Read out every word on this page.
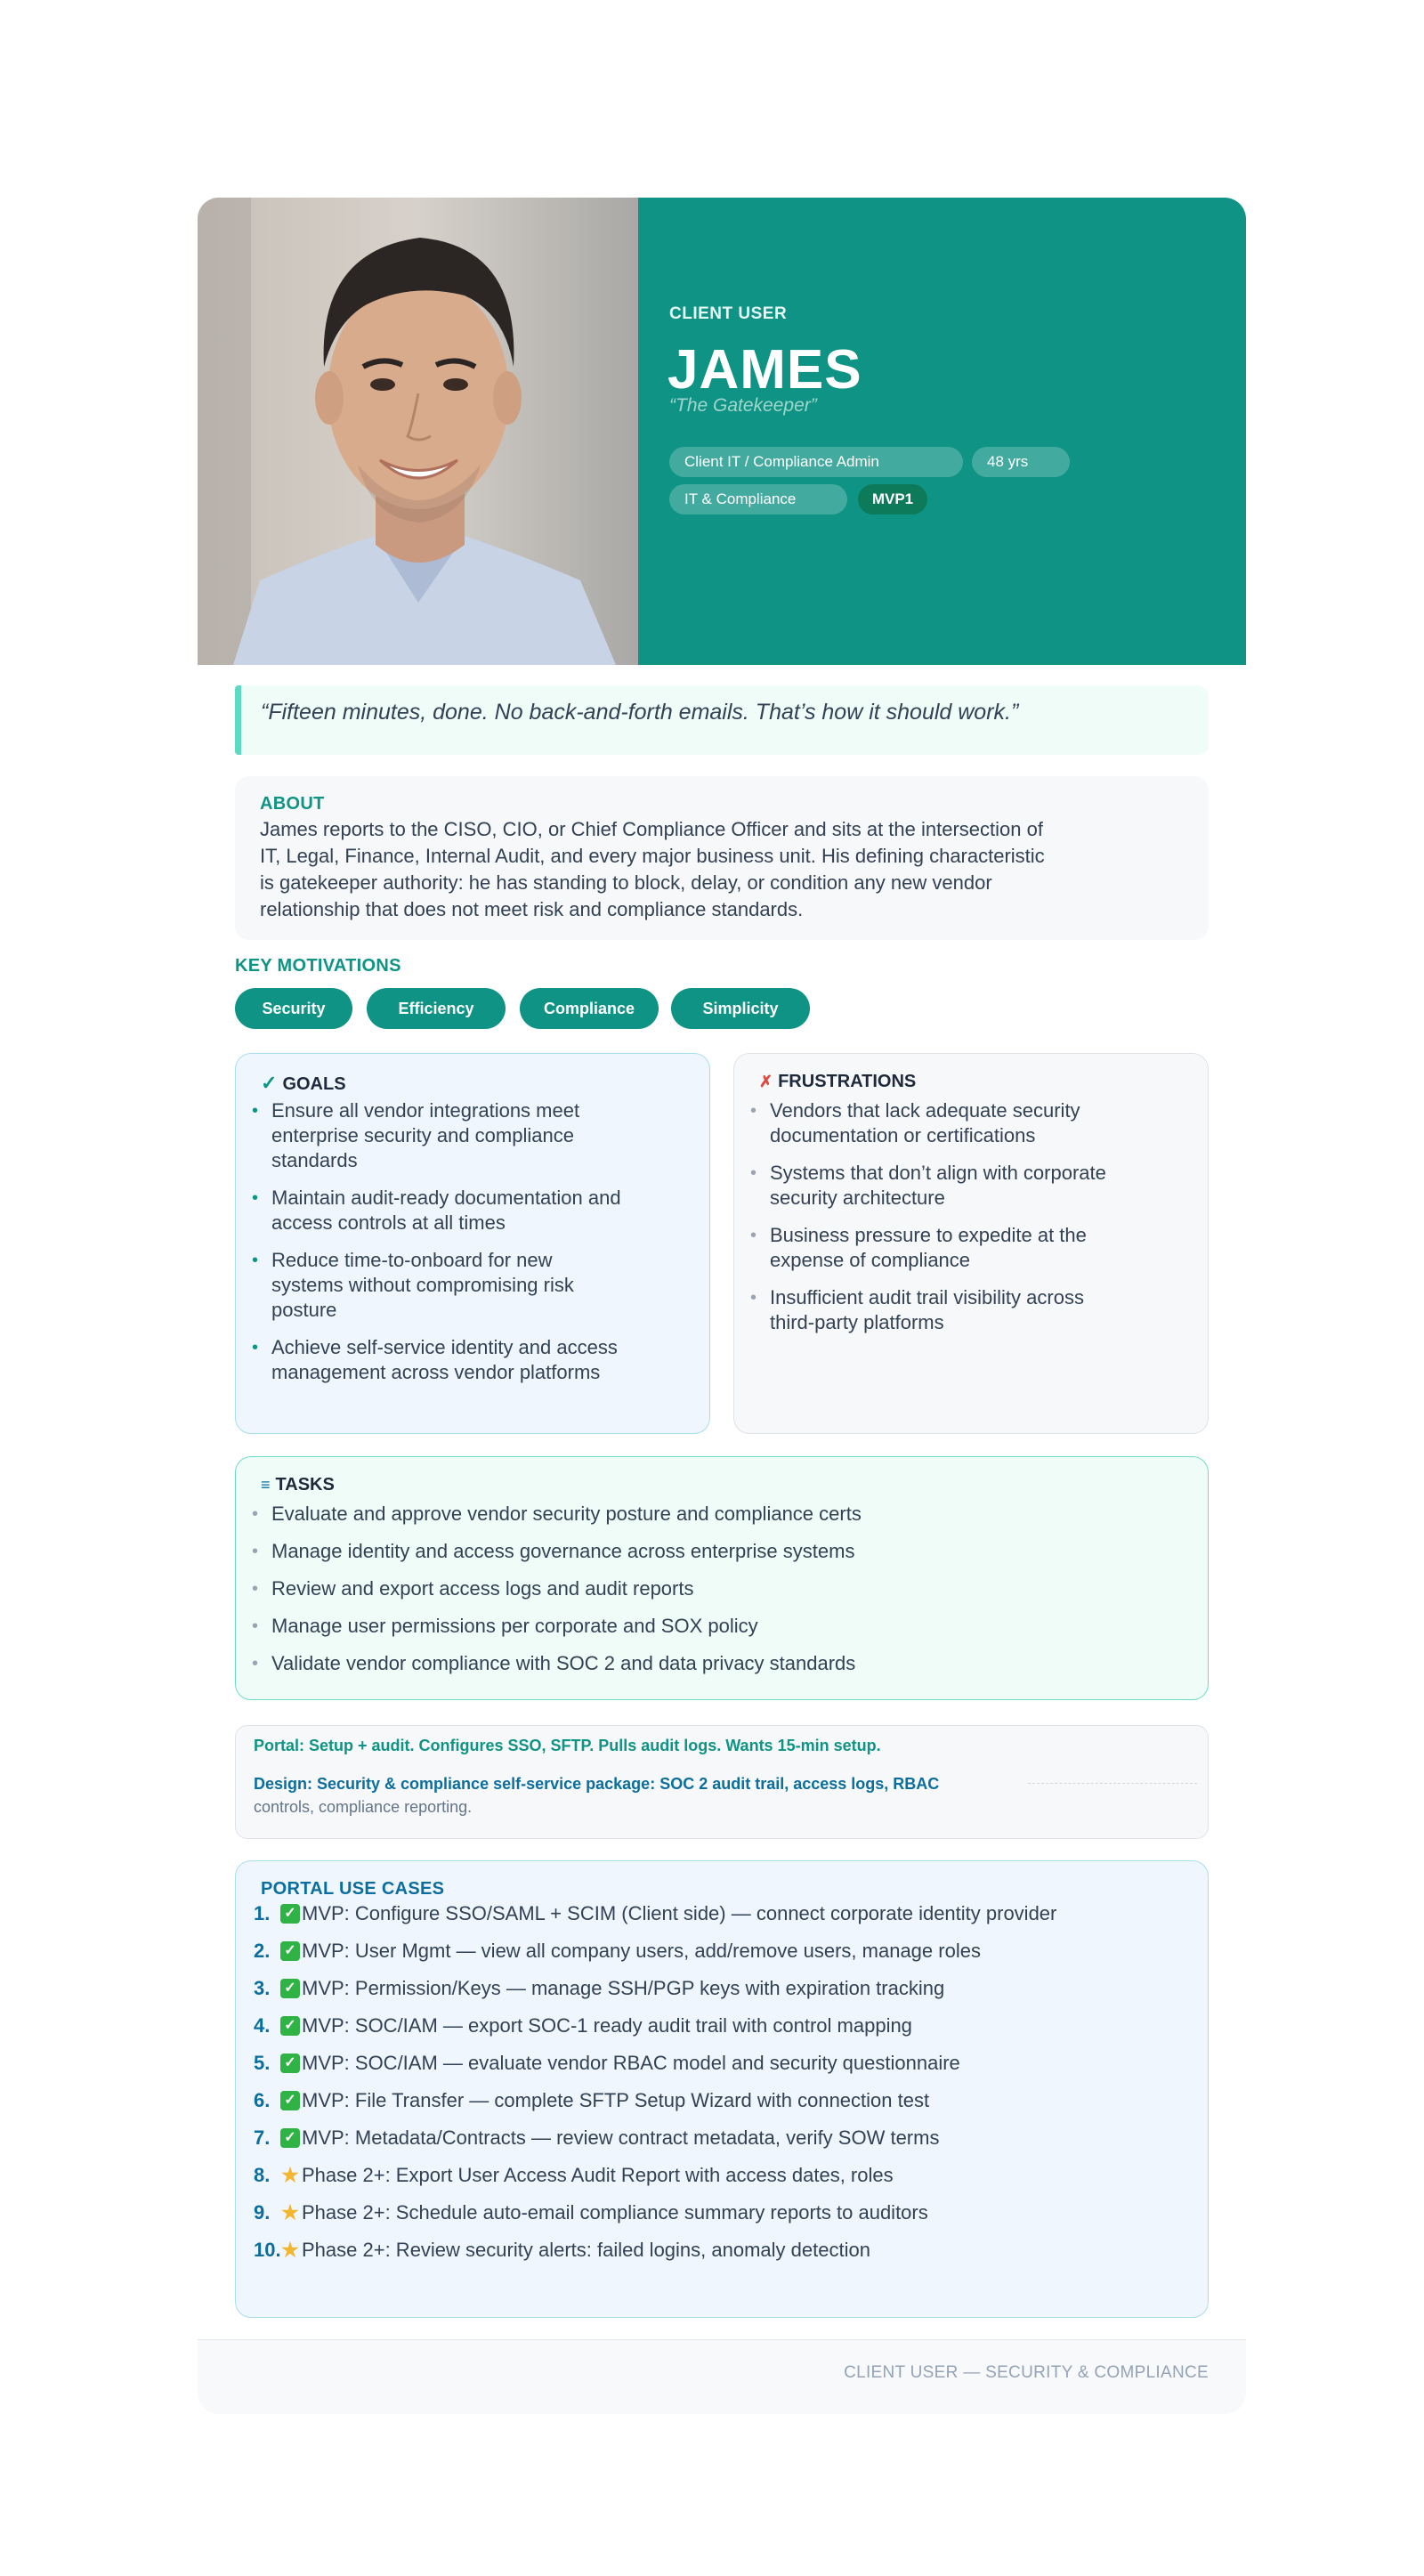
CLIENT USER
JAMES
“The Gatekeeper”
Client IT / Compliance Admin	48 yrs
IT & Compliance	MVP1
“Fifteen minutes, done. No back-and-forth emails. That’s how it should work.”
ABOUT

James reports to the CISO, CIO, or Chief Compliance Officer and sits at the intersection of IT, Legal, Finance, Internal Audit, and every major business unit. His defining characteristic is gatekeeper authority: he has standing to block, delay, or condition any new vendor relationship that does not meet risk and compliance standards.

KEY MOTIVATIONS
Security	Efficiency	Compliance	Simplicity
✓ GOALS
• Ensure all vendor integrations meet enterprise security and compliance standards
• Maintain audit-ready documentation and access controls at all times
• Reduce time-to-onboard for new systems without compromising risk posture
• Achieve self-service identity and access management across vendor platforms
✗ FRUSTRATIONS
• Vendors that lack adequate security documentation or certifications
• Systems that don’t align with corporate security architecture
• Business pressure to expedite at the expense of compliance
• Insufficient audit trail visibility across third-party platforms
≡ TASKS
• Evaluate and approve vendor security posture and compliance certs
• Manage identity and access governance across enterprise systems
• Review and export access logs and audit reports
• Manage user permissions per corporate and SOX policy
• Validate vendor compliance with SOC 2 and data privacy standards
Portal: Setup + audit. Configures SSO, SFTP. Pulls audit logs. Wants 15-min setup.
Design: Security & compliance self-service package: SOC 2 audit trail, access logs, RBAC
controls, compliance reporting.
PORTAL USE CASES
1. ✓ MVP: Configure SSO/SAML + SCIM (Client side) — connect corporate identity provider
2. ✓ MVP: User Mgmt — view all company users, add/remove users, manage roles
3. ✓ MVP: Permission/Keys — manage SSH/PGP keys with expiration tracking
4. ✓ MVP: SOC/IAM — export SOC-1 ready audit trail with control mapping
5. ✓ MVP: SOC/IAM — evaluate vendor RBAC model and security questionnaire
6. ✓ MVP: File Transfer — complete SFTP Setup Wizard with connection test
7. ✓ MVP: Metadata/Contracts — review contract metadata, verify SOW terms
8. ★ Phase 2+: Export User Access Audit Report with access dates, roles
9. ★ Phase 2+: Schedule auto-email compliance summary reports to auditors
10. ★ Phase 2+: Review security alerts: failed logins, anomaly detection
CLIENT USER — SECURITY & COMPLIANCE
